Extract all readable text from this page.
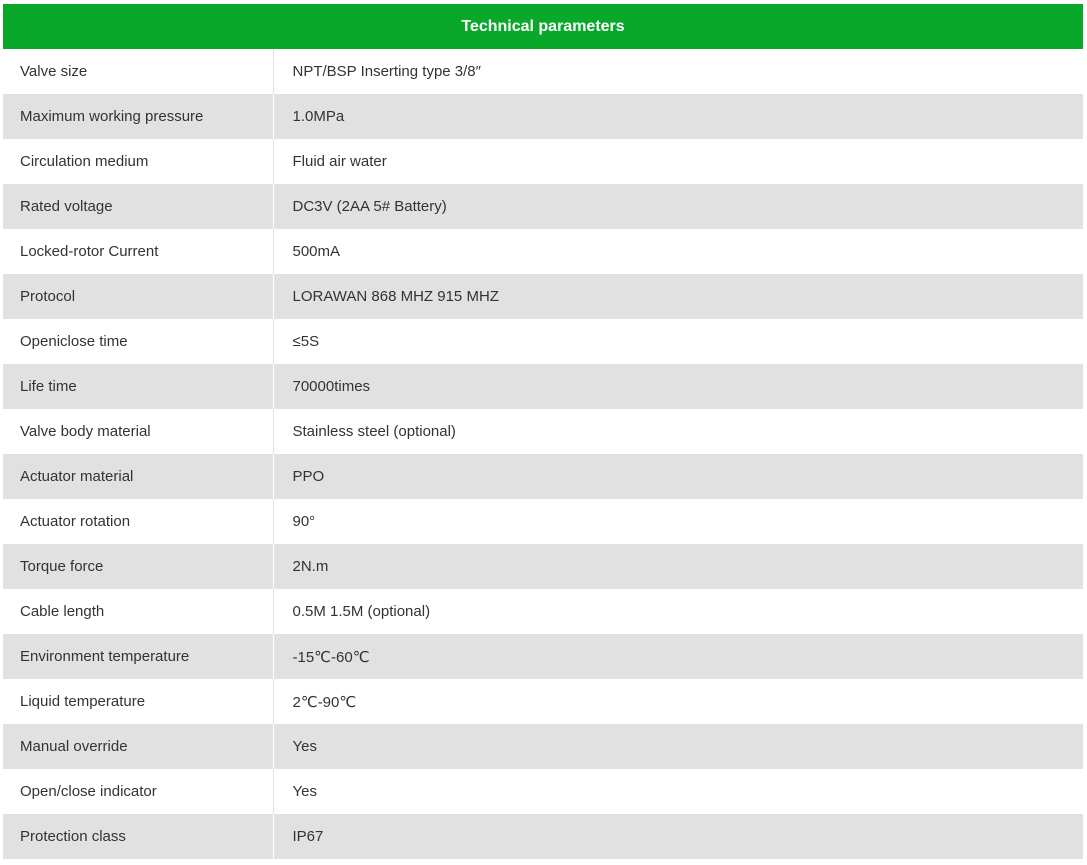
Technical parameters	
Valve size	NPT/BSP Inserting type 3/8″
Maximum working pressure	1.0MPa
Circulation medium	Fluid air water
Rated voltage	DC3V (2AA 5# Battery)
Locked-rotor Current	500mA
Protocol	LORAWAN 868 MHZ 915 MHZ
Openiclose time	≤5S
Life time	70000times
Valve body material	Stainless steel (optional)
Actuator material	PPO
Actuator rotation	90°
Torque force	2N.m
Cable length	0.5M 1.5M (optional)
Environment temperature	-15℃-60℃
Liquid temperature	2℃-90℃
Manual override	Yes
Open/close indicator	Yes
Protection class	IP67
